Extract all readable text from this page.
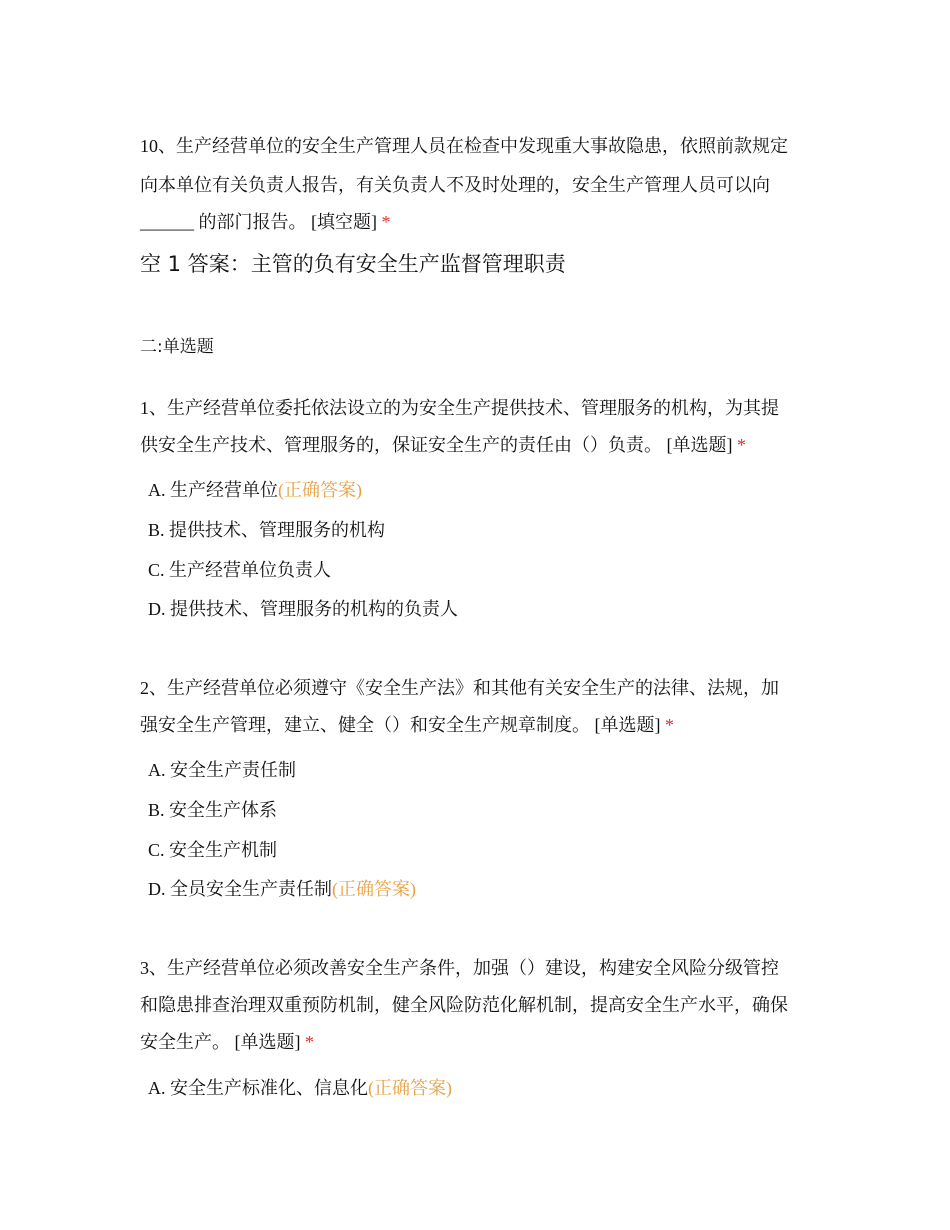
10、生产经营单位的安全生产管理人员在检查中发现重大事故隐患，依照前款规定
向本单位有关负责人报告，有关负责人不及时处理的，安全生产管理人员可以向
______ 的部门报告。 [填空题] *
空 1 答案：主管的负有安全生产监督管理职责
二:单选题
1、生产经营单位委托依法设立的为安全生产提供技术、管理服务的机构，为其提
供安全生产技术、管理服务的，保证安全生产的责任由（）负责。 [单选题] *
A. 生产经营单位(正确答案)
B. 提供技术、管理服务的机构
C. 生产经营单位负责人
D. 提供技术、管理服务的机构的负责人
2、生产经营单位必须遵守《安全生产法》和其他有关安全生产的法律、法规，加
强安全生产管理，建立、健全（）和安全生产规章制度。 [单选题] *
A. 安全生产责任制
B. 安全生产体系
C. 安全生产机制
D. 全员安全生产责任制(正确答案)
3、生产经营单位必须改善安全生产条件，加强（）建设，构建安全风险分级管控
和隐患排查治理双重预防机制，健全风险防范化解机制，提高安全生产水平，确保
安全生产。 [单选题] *
A. 安全生产标准化、信息化(正确答案)
